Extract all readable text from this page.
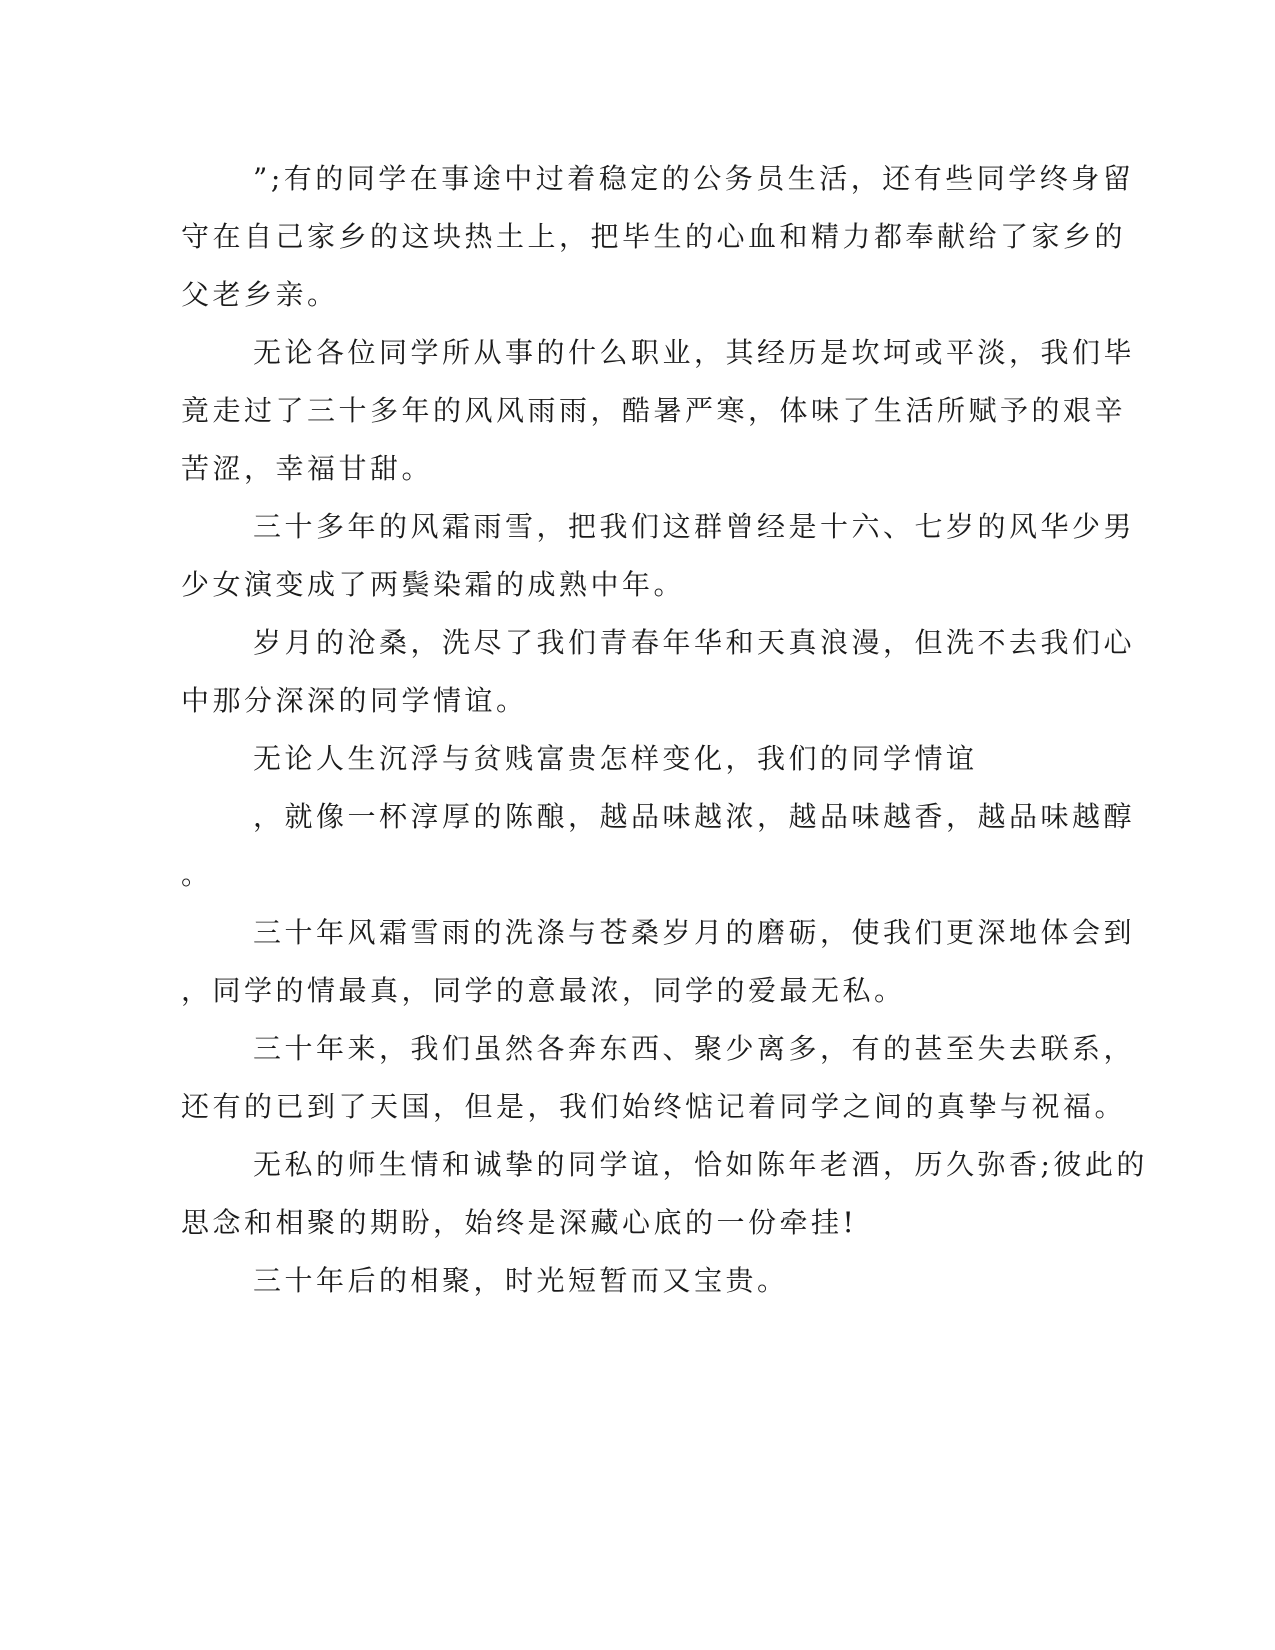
”;有的同学在事途中过着稳定的公务员生活，还有些同学终身留
守在自己家乡的这块热土上，把毕生的心血和精力都奉献给了家乡的
父老乡亲。

无论各位同学所从事的什么职业，其经历是坎坷或平淡，我们毕
竟走过了三十多年的风风雨雨，酷暑严寒，体味了生活所赋予的艰辛
苦涩，幸福甘甜。

三十多年的风霜雨雪，把我们这群曾经是十六、七岁的风华少男
少女演变成了两鬓染霜的成熟中年。

岁月的沧桑，洗尽了我们青春年华和天真浪漫，但洗不去我们心
中那分深深的同学情谊。

无论人生沉浮与贫贱富贵怎样变化，我们的同学情谊

，就像一杯淳厚的陈酿，越品味越浓，越品味越香，越品味越醇
。

三十年风霜雪雨的洗涤与苍桑岁月的磨砺，使我们更深地体会到
，同学的情最真，同学的意最浓，同学的爱最无私。

三十年来，我们虽然各奔东西、聚少离多，有的甚至失去联系，
还有的已到了天国，但是，我们始终惦记着同学之间的真挚与祝福。

无私的师生情和诚挚的同学谊，恰如陈年老酒，历久弥香;彼此的
思念和相聚的期盼，始终是深藏心底的一份牵挂!

三十年后的相聚，时光短暂而又宝贵。
